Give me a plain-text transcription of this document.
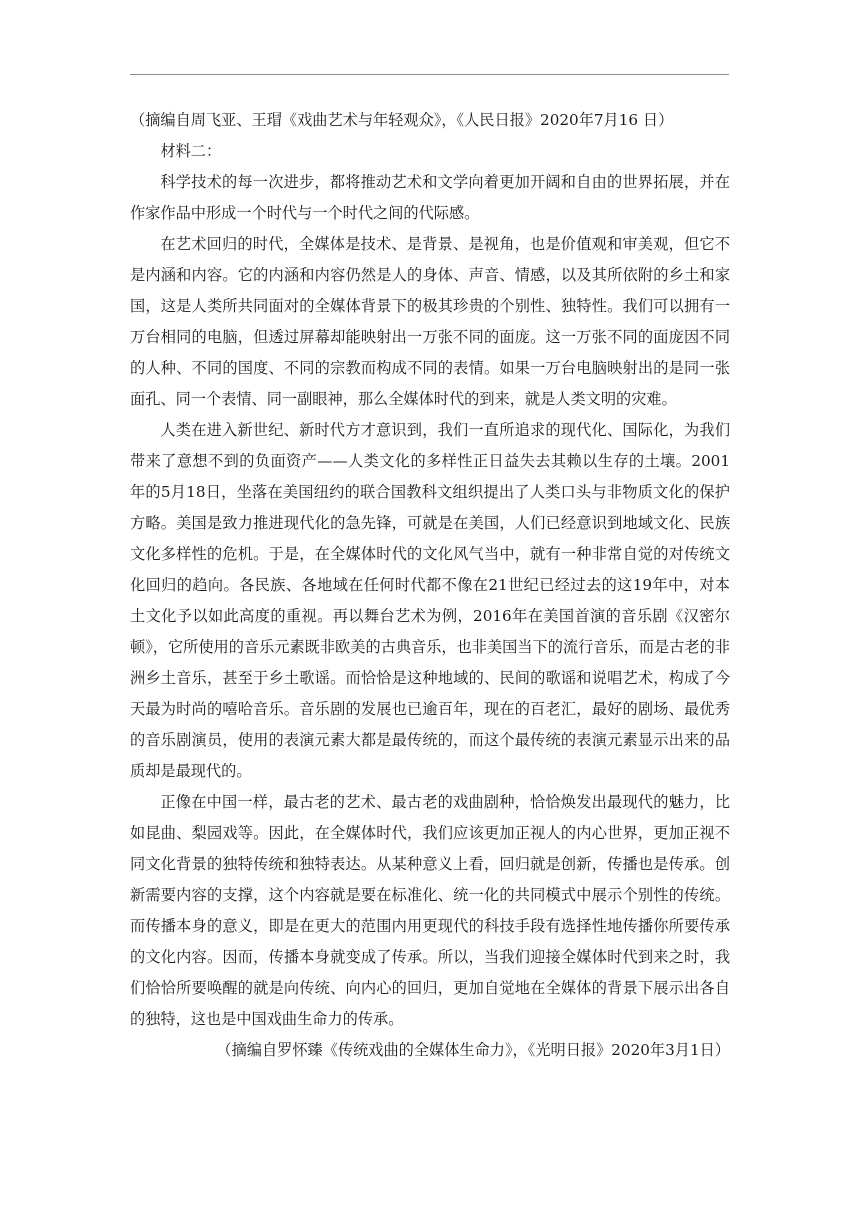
（摘编自周飞亚、王瑁《戏曲艺术与年轻观众》，《人民日报》2020年7月16 日）

材料二：

科学技术的每一次进步，都将推动艺术和文学向着更加开阔和自由的世界拓展，并在作家作品中形成一个时代与一个时代之间的代际感。

在艺术回归的时代，全媒体是技术、是背景、是视角，也是价值观和审美观，但它不是内涵和内容。它的内涵和内容仍然是人的身体、声音、情感，以及其所依附的乡土和家国，这是人类所共同面对的全媒体背景下的极其珍贵的个别性、独特性。我们可以拥有一万台相同的电脑，但透过屏幕却能映射出一万张不同的面庞。这一万张不同的面庞因不同的人种、不同的国度、不同的宗教而构成不同的表情。如果一万台电脑映射出的是同一张面孔、同一个表情、同一副眼神，那么全媒体时代的到来，就是人类文明的灾难。

人类在进入新世纪、新时代方才意识到，我们一直所追求的现代化、国际化，为我们带来了意想不到的负面资产——人类文化的多样性正日益失去其赖以生存的土壤。2001年的5月18日，坐落在美国纽约的联合国教科文组织提出了人类口头与非物质文化的保护方略。美国是致力推进现代化的急先锋，可就是在美国，人们已经意识到地域文化、民族文化多样性的危机。于是，在全媒体时代的文化风气当中，就有一种非常自觉的对传统文化回归的趋向。各民族、各地域在任何时代都不像在21世纪已经过去的这19年中，对本土文化予以如此高度的重视。再以舞台艺术为例，2016年在美国首演的音乐剧《汉密尔顿》，它所使用的音乐元素既非欧美的古典音乐，也非美国当下的流行音乐，而是古老的非洲乡土音乐，甚至于乡土歌谣。而恰恰是这种地域的、民间的歌谣和说唱艺术，构成了今天最为时尚的嘻哈音乐。音乐剧的发展也已逾百年，现在的百老汇，最好的剧场、最优秀的音乐剧演员，使用的表演元素大都是最传统的，而这个最传统的表演元素显示出来的品质却是最现代的。

正像在中国一样，最古老的艺术、最古老的戏曲剧种，恰恰焕发出最现代的魅力，比如昆曲、梨园戏等。因此，在全媒体时代，我们应该更加正视人的内心世界，更加正视不同文化背景的独特传统和独特表达。从某种意义上看，回归就是创新，传播也是传承。创新需要内容的支撑，这个内容就是要在标准化、统一化的共同模式中展示个别性的传统。而传播本身的意义，即是在更大的范围内用更现代的科技手段有选择性地传播你所要传承的文化内容。因而，传播本身就变成了传承。所以，当我们迎接全媒体时代到来之时，我们恰恰所要唤醒的就是向传统、向内心的回归，更加自觉地在全媒体的背景下展示出各自的独特，这也是中国戏曲生命力的传承。

（摘编自罗怀臻《传统戏曲的全媒体生命力》，《光明日报》2020年3月1日）
